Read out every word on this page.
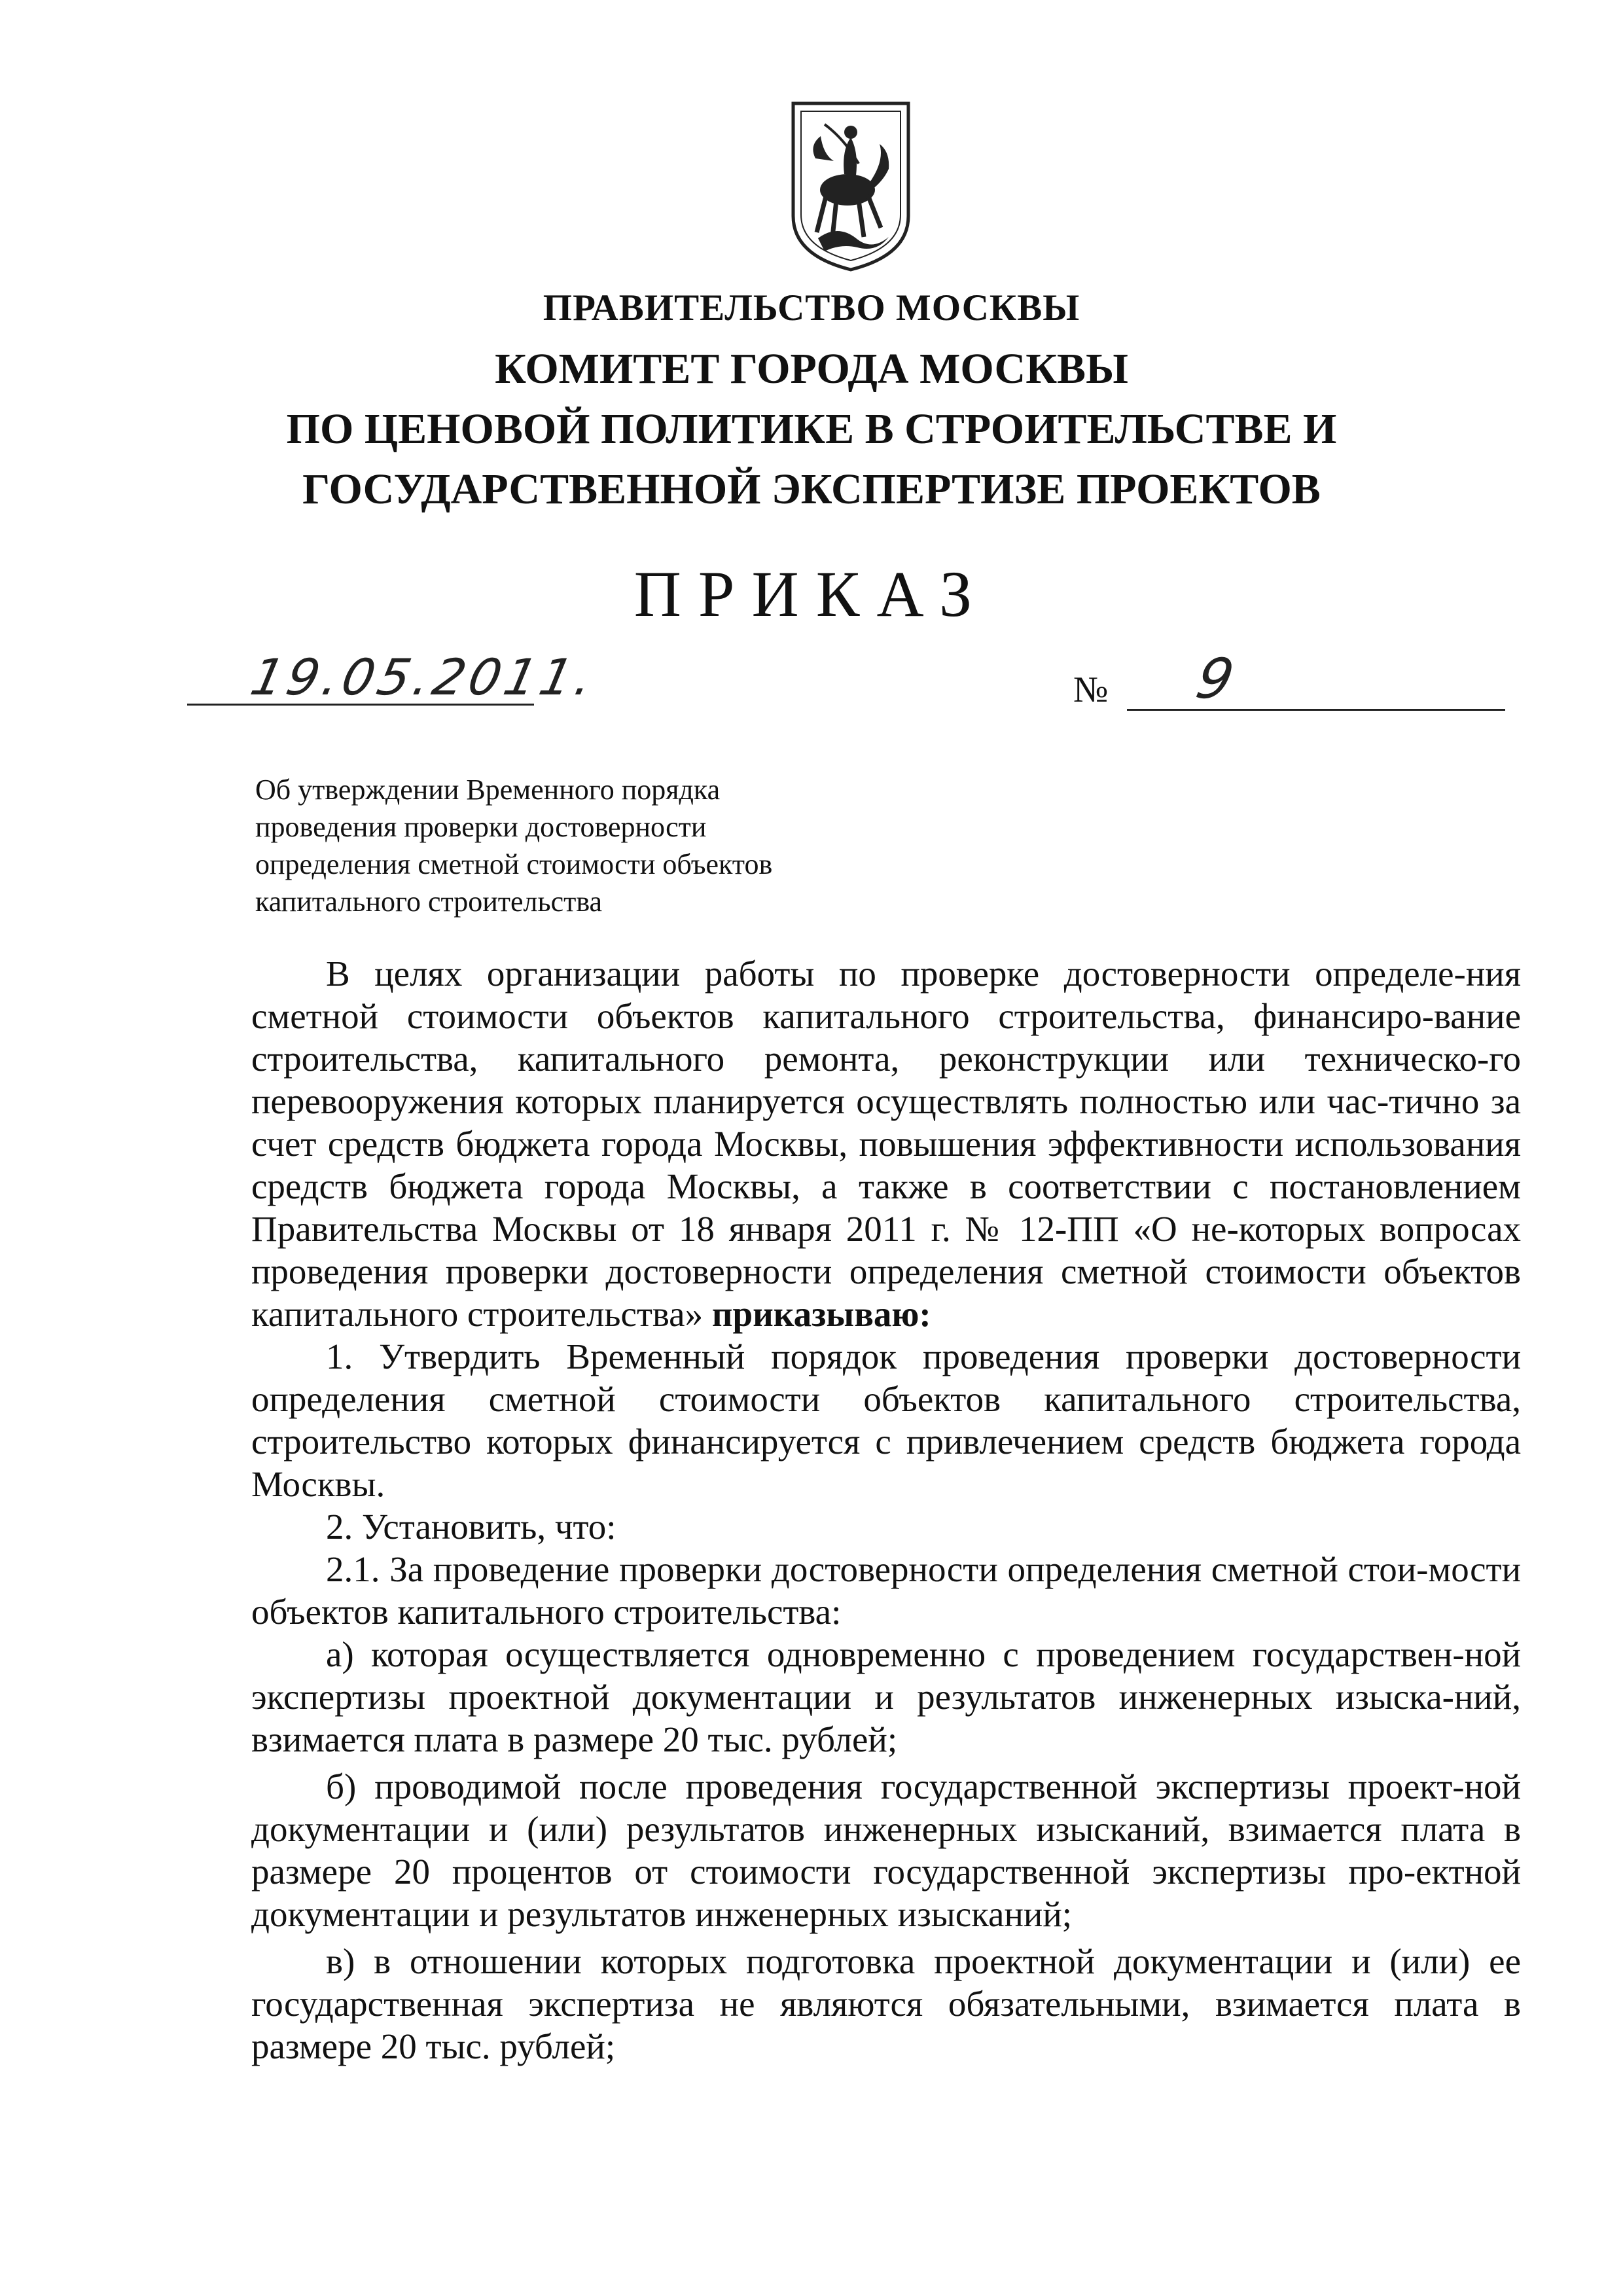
ПРАВИТЕЛЬСТВО МОСКВЫ
КОМИТЕТ ГОРОДА МОСКВЫ
ПО ЦЕНОВОЙ ПОЛИТИКЕ В СТРОИТЕЛЬСТВЕ И
ГОСУДАРСТВЕННОЙ ЭКСПЕРТИЗЕ ПРОЕКТОВ
ПРИКАЗ
19.05.2011.	№ 9
Об утверждении Временного порядка
проведения проверки достоверности
определения сметной стоимости объектов
капитального строительства

В целях организации работы по проверке достоверности определе-ния сметной стоимости объектов капитального строительства, финансиро-вание строительства, капитального ремонта, реконструкции или техническо-го перевооружения которых планируется осуществлять полностью или час-тично за счет средств бюджета города Москвы, повышения эффективности использования средств бюджета города Москвы, а также в соответствии с постановлением Правительства Москвы от 18 января 2011 г. № 12-ПП «О не-которых вопросах проведения проверки достоверности определения сметной стоимости объектов капитального строительства» приказываю:

1. Утвердить Временный порядок проведения проверки достоверности определения сметной стоимости объектов капитального строительства, строительство которых финансируется с привлечением средств бюджета города Москвы.

2. Установить, что:

2.1. За проведение проверки достоверности определения сметной стои-мости объектов капитального строительства:

а) которая осуществляется одновременно с проведением государствен-ной экспертизы проектной документации и результатов инженерных изыска-ний, взимается плата в размере 20 тыс. рублей;

б) проводимой после проведения государственной экспертизы проект-ной документации и (или) результатов инженерных изысканий, взимается плата в размере 20 процентов от стоимости государственной экспертизы про-ектной документации и результатов инженерных изысканий;

в) в отношении которых подготовка проектной документации и (или) ее государственная экспертиза не являются обязательными, взимается плата в размере 20 тыс. рублей;
